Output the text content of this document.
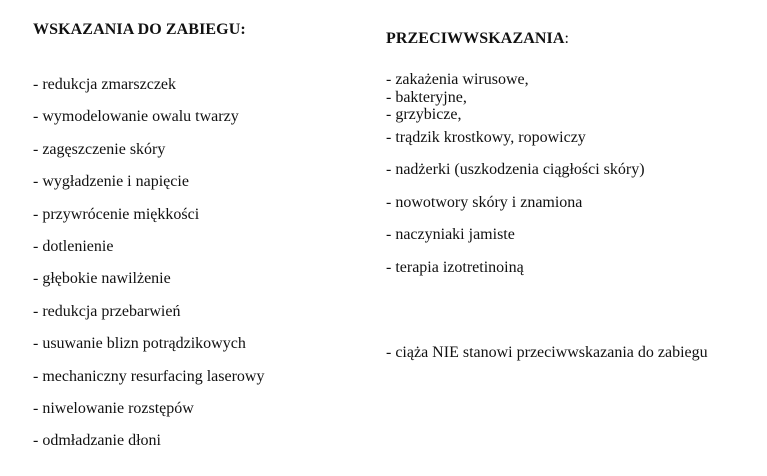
WSKAZANIA DO ZABIEGU:
- redukcja zmarszczek
- wymodelowanie owalu twarzy
- zagęszczenie skóry
- wygładzenie i napięcie
- przywrócenie miękkości
- dotlenienie
- głębokie nawilżenie
- redukcja przebarwień
- usuwanie blizn potrądzikowych
- mechaniczny resurfacing laserowy
- niwelowanie rozstępów
- odmładzanie dłoni
PRZECIWWSKAZANIA:
- zakażenia wirusowe,
- bakteryjne,
- grzybicze,
- trądzik krostkowy, ropowiczy
- nadżerki (uszkodzenia ciągłości skóry)
- nowotwory skóry i znamiona
- naczyniaki jamiste
- terapia izotretinoiną
- ciąża NIE stanowi przeciwwskazania do zabiegu
